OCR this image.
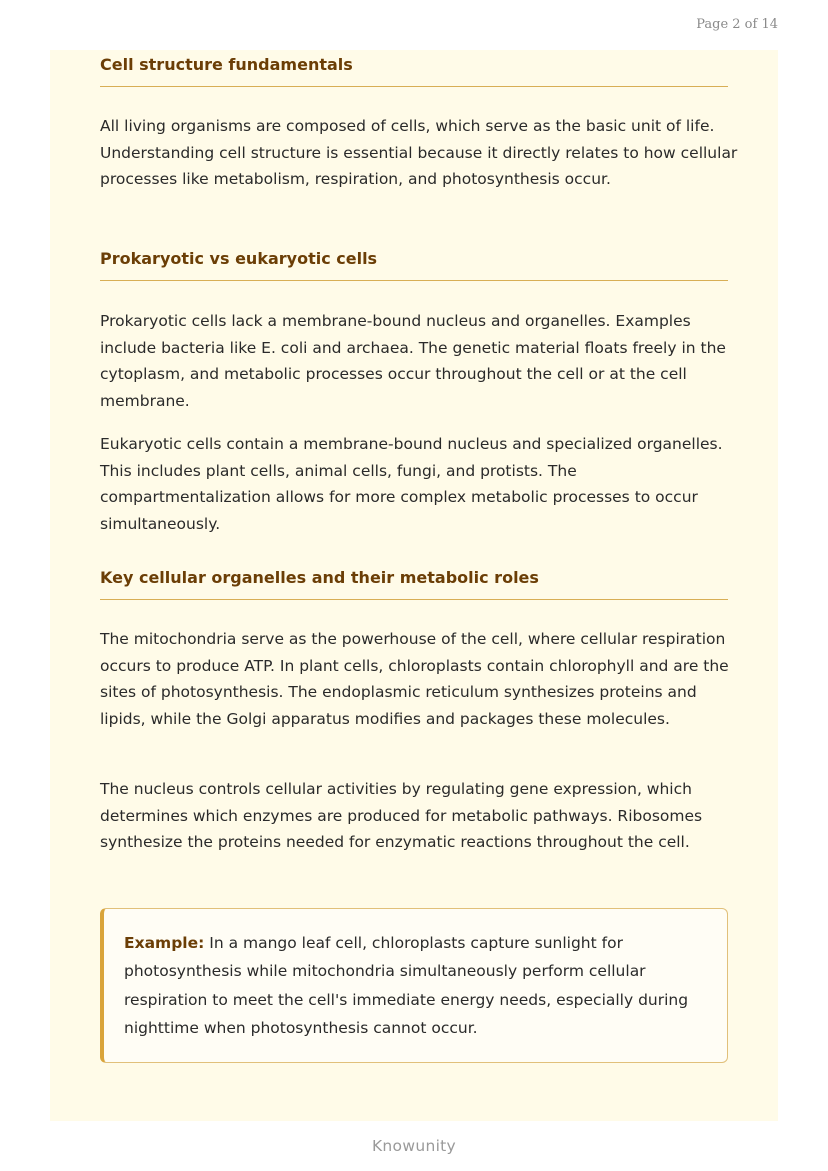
Page 2 of 14
Cell structure fundamentals

All living organisms are composed of cells, which serve as the basic unit of life. Understanding cell structure is essential because it directly relates to how cellular processes like metabolism, respiration, and photosynthesis occur.

Prokaryotic vs eukaryotic cells

Prokaryotic cells lack a membrane-bound nucleus and organelles. Examples include bacteria like E. coli and archaea. The genetic material floats freely in the cytoplasm, and metabolic processes occur throughout the cell or at the cell membrane.

Eukaryotic cells contain a membrane-bound nucleus and specialized organelles. This includes plant cells, animal cells, fungi, and protists. The compartmentalization allows for more complex metabolic processes to occur simultaneously.

Key cellular organelles and their metabolic roles

The mitochondria serve as the powerhouse of the cell, where cellular respiration occurs to produce ATP. In plant cells, chloroplasts contain chlorophyll and are the sites of photosynthesis. The endoplasmic reticulum synthesizes proteins and lipids, while the Golgi apparatus modifies and packages these molecules.

The nucleus controls cellular activities by regulating gene expression, which determines which enzymes are produced for metabolic pathways. Ribosomes synthesize the proteins needed for enzymatic reactions throughout the cell.

Example: In a mango leaf cell, chloroplasts capture sunlight for photosynthesis while mitochondria simultaneously perform cellular respiration to meet the cell's immediate energy needs, especially during nighttime when photosynthesis cannot occur.

Knowunity
